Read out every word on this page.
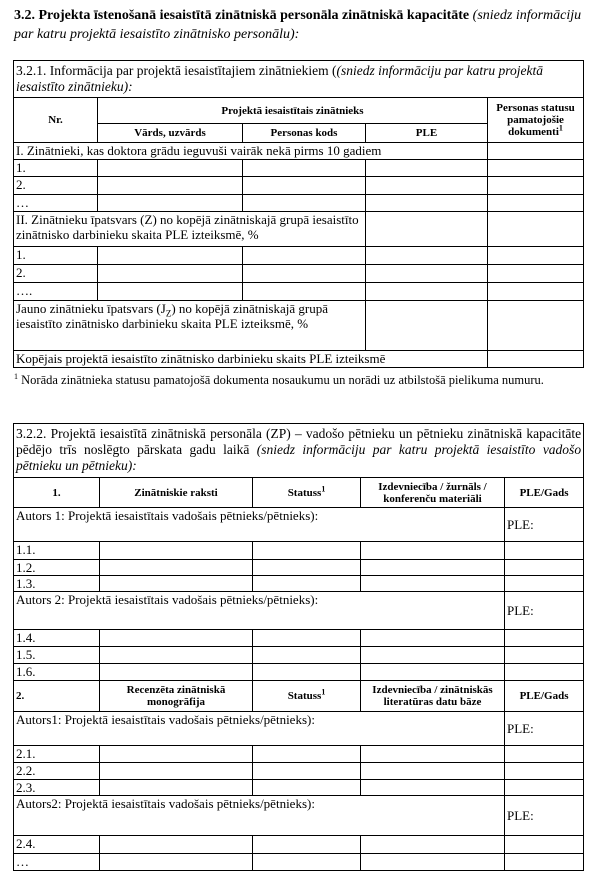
3.2. Projekta īstenošanā iesaistītā zinātniskā personāla zinātniskā kapacitāte (sniedz informāciju par katru projektā iesaistīto zinātnisko personālu):
3.2.1. Informācija par projektā iesaistītajiem zinātniekiem ((sniedz informāciju par katru projektā iesaistīto zinātnieku):				
Nr.	Projektā iesaistītais zinātnieks			Personas statusu pamatojošie dokumenti$^1$
	Vārds, uzvārds	Personas kods	PLE	
I. Zinātnieki, kas doktora grādu ieguvuši vairāk nekā pirms 10 gadiem				
1.				
2.				
…				
II. Zinātnieku īpatsvars (Z) no kopējā zinātniskajā grupā iesaistīto zinātnisko darbinieku skaita PLE izteiksmē, %				
1.				
2.				
….				
Jauno zinātnieku īpatsvars $(J_Z)$ no kopējā zinātniskajā grupā iesaistīto zinātnisko darbinieku skaita PLE izteiksmē, %				
Kopējais projektā iesaistīto zinātnisko darbinieku skaits PLE izteiksmē				
$^1$ Norāda zinātnieka statusu pamatojošā dokumenta nosaukumu un norādi uz atbilstošā pielikuma numuru.
3.2.2. Projektā iesaistītā zinātniskā personāla (ZP) – vadošo pētnieku un pētnieku zinātniskā kapacitāte pēdējo trīs noslēgto pārskata gadu laikā (sniedz informāciju par katru projektā iesaistīto vadošo pētnieku un pētnieku):				
1.	Zinātniskie raksti	Statuss$^1$	Izdevniecība / žurnāls / konferenču materiāli	PLE/Gads
Autors 1: Projektā iesaistītais vadošais pētnieks/pētnieks):				PLE:
1.1.				
1.2.				
1.3.				
Autors 2: Projektā iesaistītais vadošais pētnieks/pētnieks):				PLE:
1.4.				
1.5.				
1.6.				
2.	Recenzēta zinātniskā monogrāfija	Statuss$^1$	Izdevniecība / zinātniskās literatūras datu bāze	PLE/Gads
Autors1: Projektā iesaistītais vadošais pētnieks/pētnieks):				PLE:
2.1.				
2.2.				
2.3.				
Autors2: Projektā iesaistītais vadošais pētnieks/pētnieks):				PLE:
2.4.				
…				
